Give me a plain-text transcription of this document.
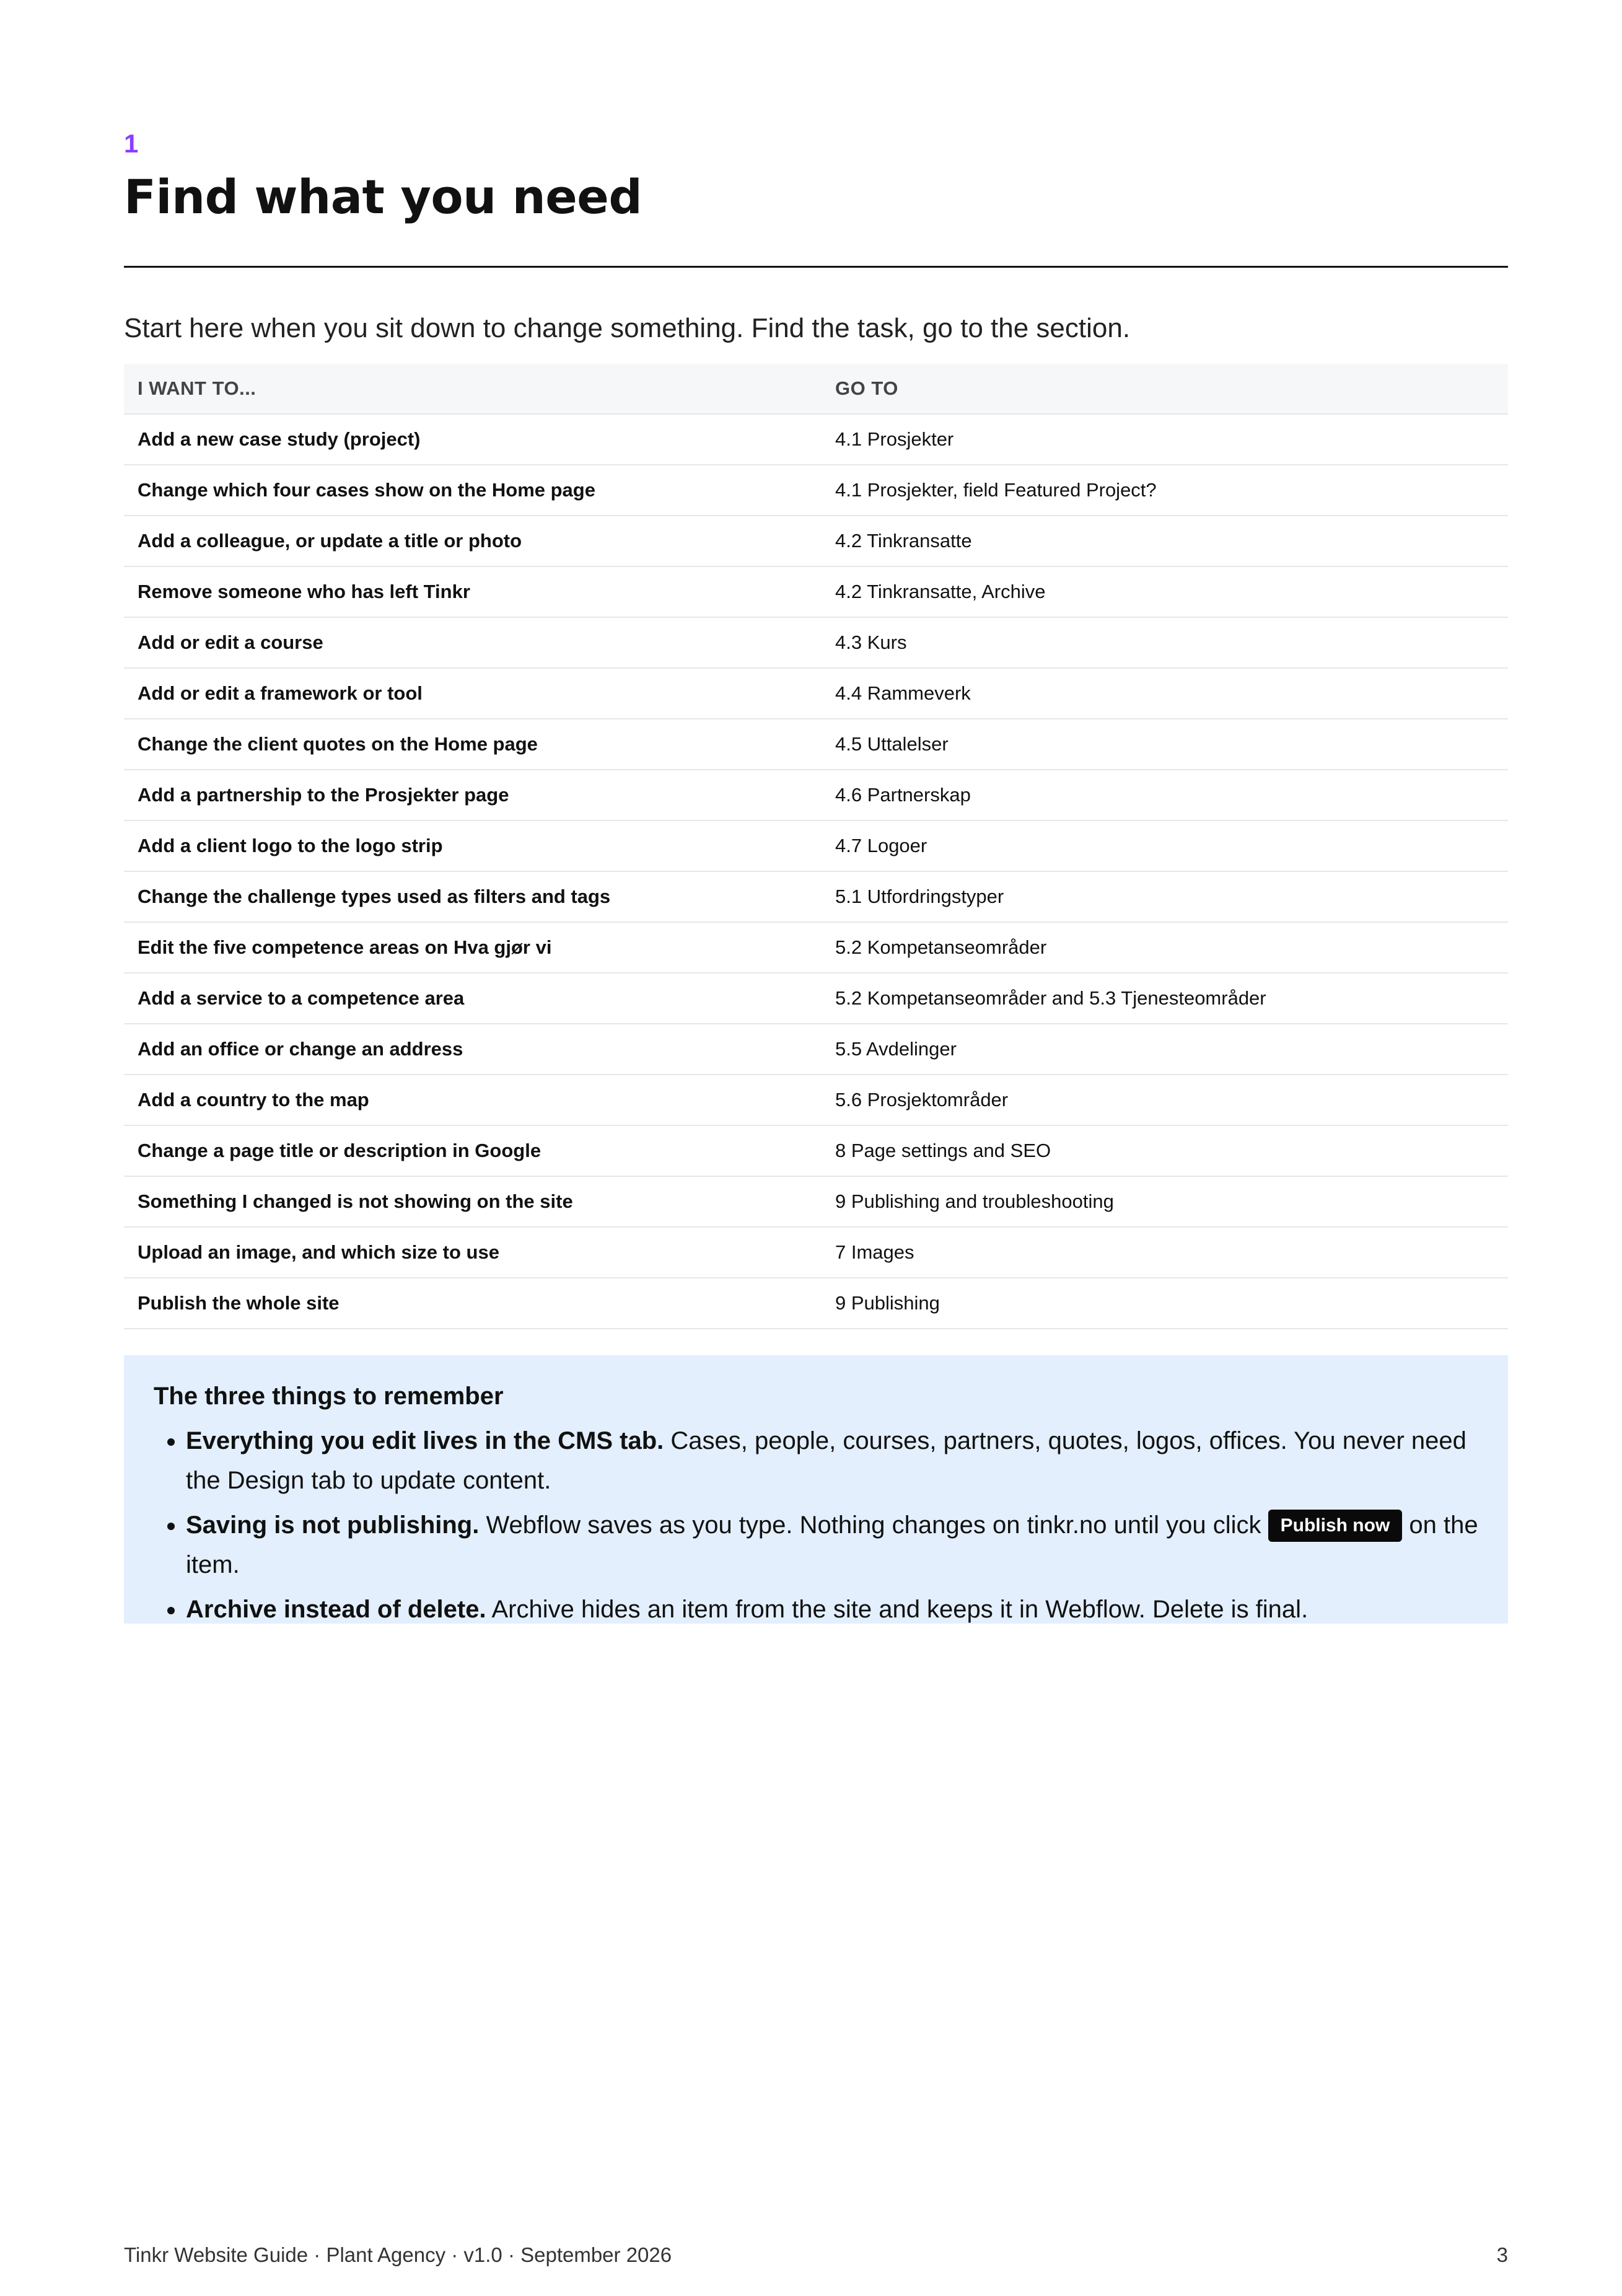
1
Find what you need
Start here when you sit down to change something. Find the task, go to the section.
I WANT TO...	GO TO
Add a new case study (project)	4.1 Prosjekter
Change which four cases show on the Home page	4.1 Prosjekter, field Featured Project?
Add a colleague, or update a title or photo	4.2 Tinkransatte
Remove someone who has left Tinkr	4.2 Tinkransatte, Archive
Add or edit a course	4.3 Kurs
Add or edit a framework or tool	4.4 Rammeverk
Change the client quotes on the Home page	4.5 Uttalelser
Add a partnership to the Prosjekter page	4.6 Partnerskap
Add a client logo to the logo strip	4.7 Logoer
Change the challenge types used as filters and tags	5.1 Utfordringstyper
Edit the five competence areas on Hva gjør vi	5.2 Kompetanseområder
Add a service to a competence area	5.2 Kompetanseområder and 5.3 Tjenesteområder
Add an office or change an address	5.5 Avdelinger
Add a country to the map	5.6 Prosjektområder
Change a page title or description in Google	8 Page settings and SEO
Something I changed is not showing on the site	9 Publishing and troubleshooting
Upload an image, and which size to use	7 Images
Publish the whole site	9 Publishing
The three things to remember
• Everything you edit lives in the CMS tab. Cases, people, courses, partners, quotes, logos, offices. You never need the Design tab to update content.
• Saving is not publishing. Webflow saves as you type. Nothing changes on tinkr.no until you click Publish now on the item.
• Archive instead of delete. Archive hides an item from the site and keeps it in Webflow. Delete is final.
Tinkr Website Guide · Plant Agency · v1.0 · September 2026	3
